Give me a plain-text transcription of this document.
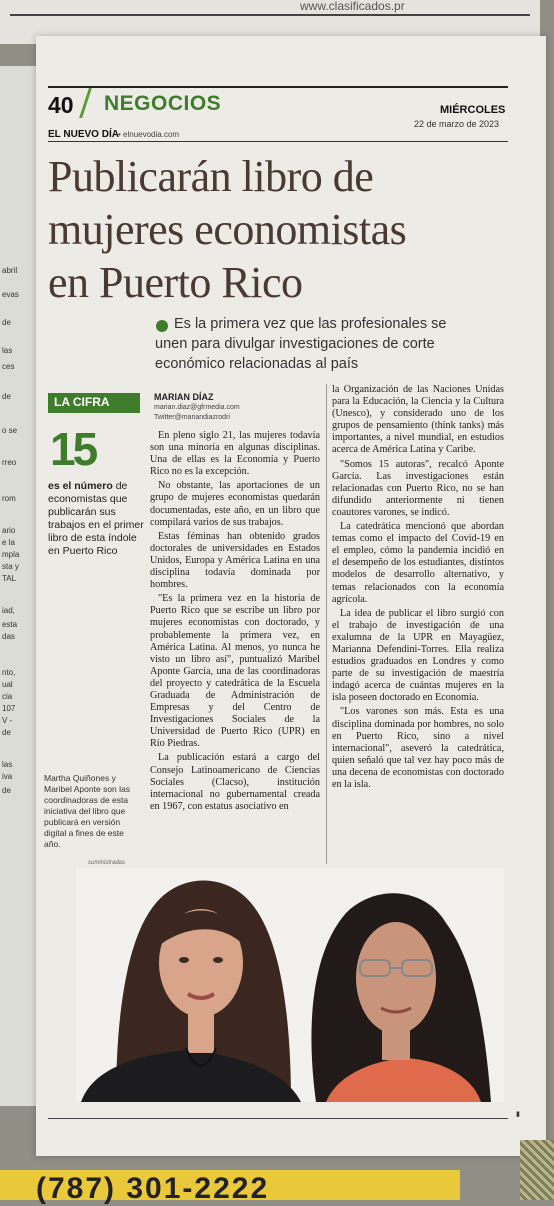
www.clasificados.pr
abril
evas
de
las
ces
de
o se
rreo
rom
ario
e la
mpla
sta y
TAL
iad,
esta
das
nto,
ual
cia
107
V -
de
las
iva
de
40 NEGOCIOS
EL NUEVO DÍA • elnuevodia.com
MIÉRCOLES
22 de marzo de 2023
Publicarán libro de
mujeres economistas
en Puerto Rico
Es la primera vez que las profesionales se
unen para divulgar investigaciones de corte
económico relacionadas al país
LA CIFRA
15
es el número de economistas que publicarán sus trabajos en el primer libro de esta índole en Puerto Rico
Martha Quiñones y Maribel Aponte son las coordinadoras de esta iniciativa del libro que publicará en versión digital a fines de este año.
suministradas
MARIAN DÍAZ
marian.diaz@gfrmedia.com
Twitter@mariandiazrodri

En pleno siglo 21, las mujeres todavía son una minoría en algunas disciplinas. Una de ellas es la Economía y Puerto Rico no es la excepción.

No obstante, las aportaciones de un grupo de mujeres economistas quedarán documentadas, este año, en un libro que compilará varios de sus trabajos.

Estas féminas han obtenido grados doctorales de universidades en Estados Unidos, Europa y América Latina en una disciplina todavía dominada por hombres.

"Es la primera vez en la historia de Puerto Rico que se escribe un libro por mujeres economistas con doctorado, y probablemente la primera vez, en América Latina. Al menos, yo nunca he visto un libro así", puntualizó Maribel Aponte García, una de las coordinadoras del proyecto y catedrática de la Escuela Graduada de Administración de Empresas y del Centro de Investigaciones Sociales de la Universidad de Puerto Rico (UPR) en Río Piedras.

La publicación estará a cargo del Consejo Latinoamericano de Ciencias Sociales (Clacso), institución internacional no gubernamental creada en 1967, con estatus asociativo en

la Organización de las Naciones Unidas para la Educación, la Ciencia y la Cultura (Unesco), y considerado uno de los grupos de pensamiento (think tanks) más importantes, a nivel mundial, en estudios acerca de América Latina y Caribe.

"Somos 15 autoras", recalcó Aponte García. Las investigaciones están relacionadas con Puerto Rico, no se han difundido anteriormente ni tienen coautores varones, se indicó.

La catedrática mencionó que abordan temas como el impacto del Covid-19 en el empleo, cómo la pandemia incidió en el desempeño de los estudiantes, distintos modelos de desarrollo alternativo, y temas relacionados con la economía agrícola.

La idea de publicar el libro surgió con el trabajo de investigación de una exalumna de la UPR en Mayagüez, Marianna Defendini-Torres. Ella realiza estudios graduados en Londres y como parte de su investigación de maestría indagó acerca de cuántas mujeres en la isla poseen doctorado en Economía.

"Los varones son más. Esta es una disciplina dominada por hombres, no solo en Puerto Rico, sino a nivel internacional", aseveró la catedrática, quien señaló que tal vez hay poco más de una decena de economistas con doctorado en la isla.

▮
(787) 301-2222
